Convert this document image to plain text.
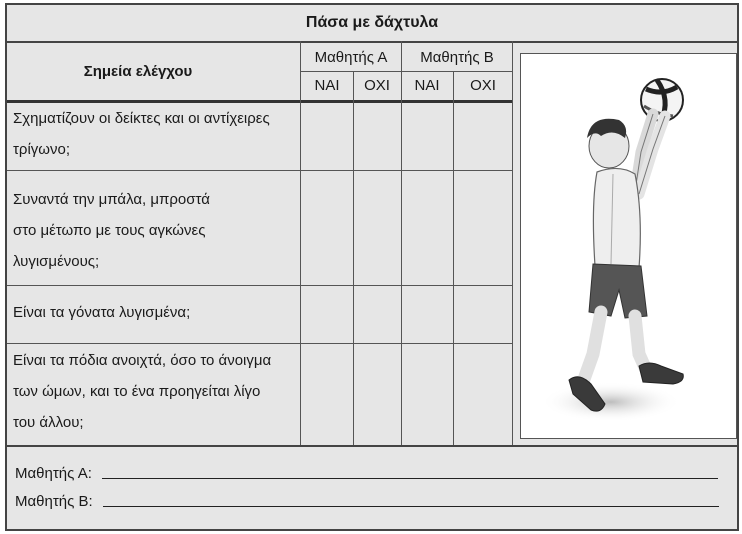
Πάσα με δάχτυλα
Σημεία ελέγχου
Μαθητής Α	Μαθητής Β
ΝΑΙ	ΟΧΙ	ΝΑΙ	ΟΧΙ
Σχηματίζουν οι δείκτες και οι αντίχειρες
τρίγωνο;
Συναντά την μπάλα, μπροστά
στο μέτωπο με τους αγκώνες
λυγισμένους;
Είναι τα γόνατα λυγισμένα;
Είναι τα πόδια ανοιχτά, όσο το άνοιγμα
των ώμων, και το ένα προηγείται λίγο
του άλλου;
Μαθητής Α:
Μαθητής Β:
